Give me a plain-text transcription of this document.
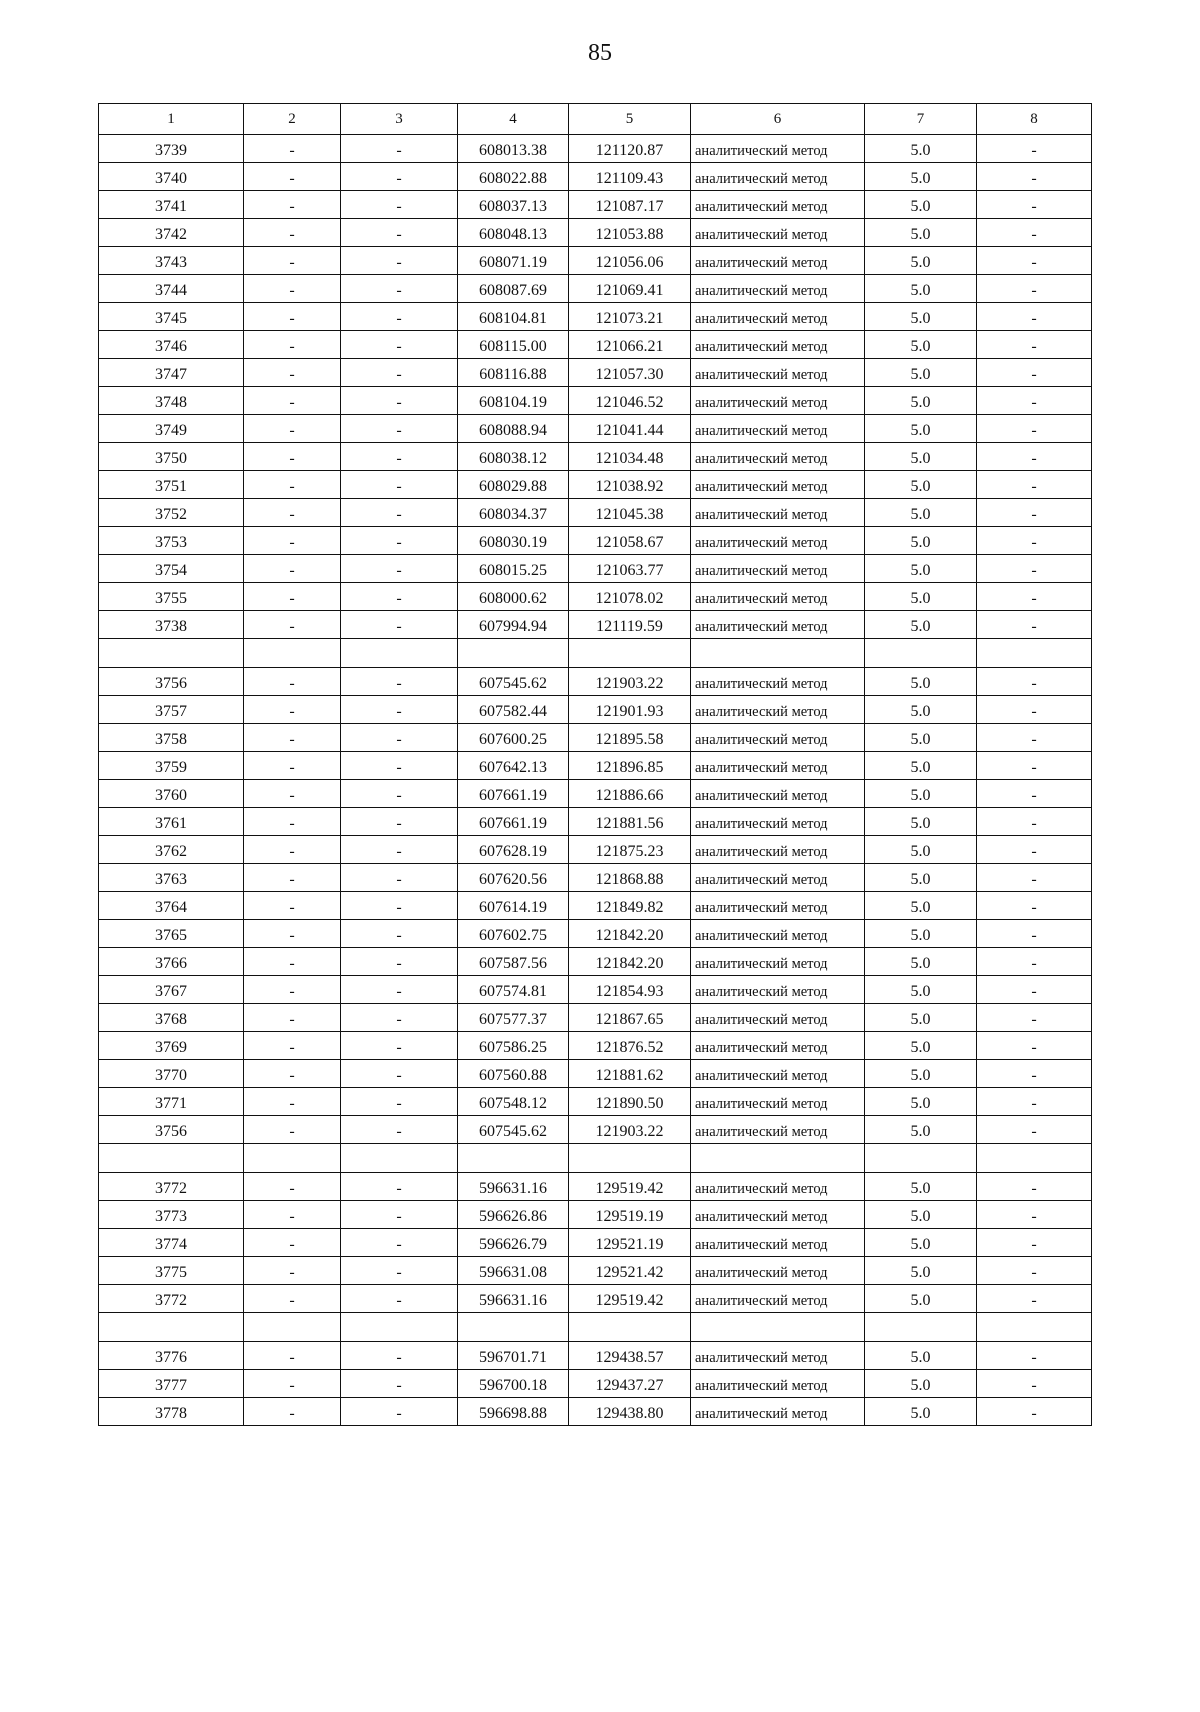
85
1	2	3	4	5	6	7	8
3739	-	-	608013.38	121120.87	аналитический метод	5.0	-
3740	-	-	608022.88	121109.43	аналитический метод	5.0	-
3741	-	-	608037.13	121087.17	аналитический метод	5.0	-
3742	-	-	608048.13	121053.88	аналитический метод	5.0	-
3743	-	-	608071.19	121056.06	аналитический метод	5.0	-
3744	-	-	608087.69	121069.41	аналитический метод	5.0	-
3745	-	-	608104.81	121073.21	аналитический метод	5.0	-
3746	-	-	608115.00	121066.21	аналитический метод	5.0	-
3747	-	-	608116.88	121057.30	аналитический метод	5.0	-
3748	-	-	608104.19	121046.52	аналитический метод	5.0	-
3749	-	-	608088.94	121041.44	аналитический метод	5.0	-
3750	-	-	608038.12	121034.48	аналитический метод	5.0	-
3751	-	-	608029.88	121038.92	аналитический метод	5.0	-
3752	-	-	608034.37	121045.38	аналитический метод	5.0	-
3753	-	-	608030.19	121058.67	аналитический метод	5.0	-
3754	-	-	608015.25	121063.77	аналитический метод	5.0	-
3755	-	-	608000.62	121078.02	аналитический метод	5.0	-
3738	-	-	607994.94	121119.59	аналитический метод	5.0	-

3756	-	-	607545.62	121903.22	аналитический метод	5.0	-
3757	-	-	607582.44	121901.93	аналитический метод	5.0	-
3758	-	-	607600.25	121895.58	аналитический метод	5.0	-
3759	-	-	607642.13	121896.85	аналитический метод	5.0	-
3760	-	-	607661.19	121886.66	аналитический метод	5.0	-
3761	-	-	607661.19	121881.56	аналитический метод	5.0	-
3762	-	-	607628.19	121875.23	аналитический метод	5.0	-
3763	-	-	607620.56	121868.88	аналитический метод	5.0	-
3764	-	-	607614.19	121849.82	аналитический метод	5.0	-
3765	-	-	607602.75	121842.20	аналитический метод	5.0	-
3766	-	-	607587.56	121842.20	аналитический метод	5.0	-
3767	-	-	607574.81	121854.93	аналитический метод	5.0	-
3768	-	-	607577.37	121867.65	аналитический метод	5.0	-
3769	-	-	607586.25	121876.52	аналитический метод	5.0	-
3770	-	-	607560.88	121881.62	аналитический метод	5.0	-
3771	-	-	607548.12	121890.50	аналитический метод	5.0	-
3756	-	-	607545.62	121903.22	аналитический метод	5.0	-

3772	-	-	596631.16	129519.42	аналитический метод	5.0	-
3773	-	-	596626.86	129519.19	аналитический метод	5.0	-
3774	-	-	596626.79	129521.19	аналитический метод	5.0	-
3775	-	-	596631.08	129521.42	аналитический метод	5.0	-
3772	-	-	596631.16	129519.42	аналитический метод	5.0	-

3776	-	-	596701.71	129438.57	аналитический метод	5.0	-
3777	-	-	596700.18	129437.27	аналитический метод	5.0	-
3778	-	-	596698.88	129438.80	аналитический метод	5.0	-
